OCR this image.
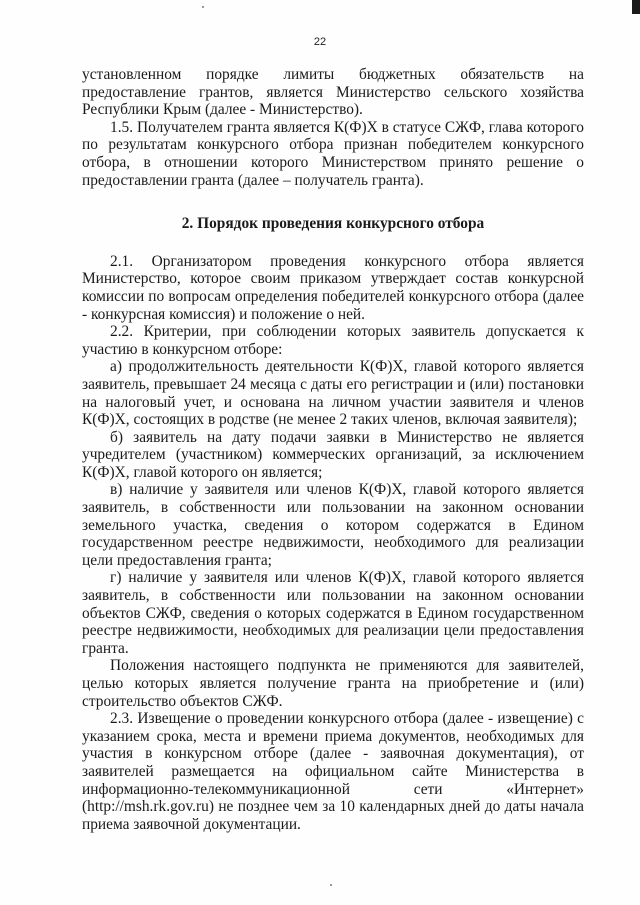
22

установленном порядке лимиты бюджетных обязательств на предоставление грантов, является Министерство сельского хозяйства Республики Крым (далее - Министерство).

1.5. Получателем гранта является К(Ф)Х в статусе СЖФ, глава которого по результатам конкурсного отбора признан победителем конкурсного отбора, в отношении которого Министерством принято решение о предоставлении гранта (далее – получатель гранта).

2. Порядок проведения конкурсного отбора

2.1. Организатором проведения конкурсного отбора является Министерство, которое своим приказом утверждает состав конкурсной комиссии по вопросам определения победителей конкурсного отбора (далее - конкурсная комиссия) и положение о ней.

2.2. Критерии, при соблюдении которых заявитель допускается к участию в конкурсном отборе:

а) продолжительность деятельности К(Ф)Х, главой которого является заявитель, превышает 24 месяца с даты его регистрации и (или) постановки на налоговый учет, и основана на личном участии заявителя и членов К(Ф)Х, состоящих в родстве (не менее 2 таких членов, включая заявителя);

б) заявитель на дату подачи заявки в Министерство не является учредителем (участником) коммерческих организаций, за исключением К(Ф)Х, главой которого он является;

в) наличие у заявителя или членов К(Ф)Х, главой которого является заявитель, в собственности или пользовании на законном основании земельного участка, сведения о котором содержатся в Едином государственном реестре недвижимости, необходимого для реализации цели предоставления гранта;

г) наличие у заявителя или членов К(Ф)Х, главой которого является заявитель, в собственности или пользовании на законном основании объектов СЖФ, сведения о которых содержатся в Едином государственном реестре недвижимости, необходимых для реализации цели предоставления гранта.

Положения настоящего подпункта не применяются для заявителей, целью которых является получение гранта на приобретение и (или) строительство объектов СЖФ.

2.3. Извещение о проведении конкурсного отбора (далее - извещение) с указанием срока, места и времени приема документов, необходимых для участия в конкурсном отборе (далее - заявочная документация), от заявителей размещается на официальном сайте Министерства в информационно-телекоммуникационной сети «Интернет» (http://msh.rk.gov.ru) не позднее чем за 10 календарных дней до даты начала приема заявочной документации.
